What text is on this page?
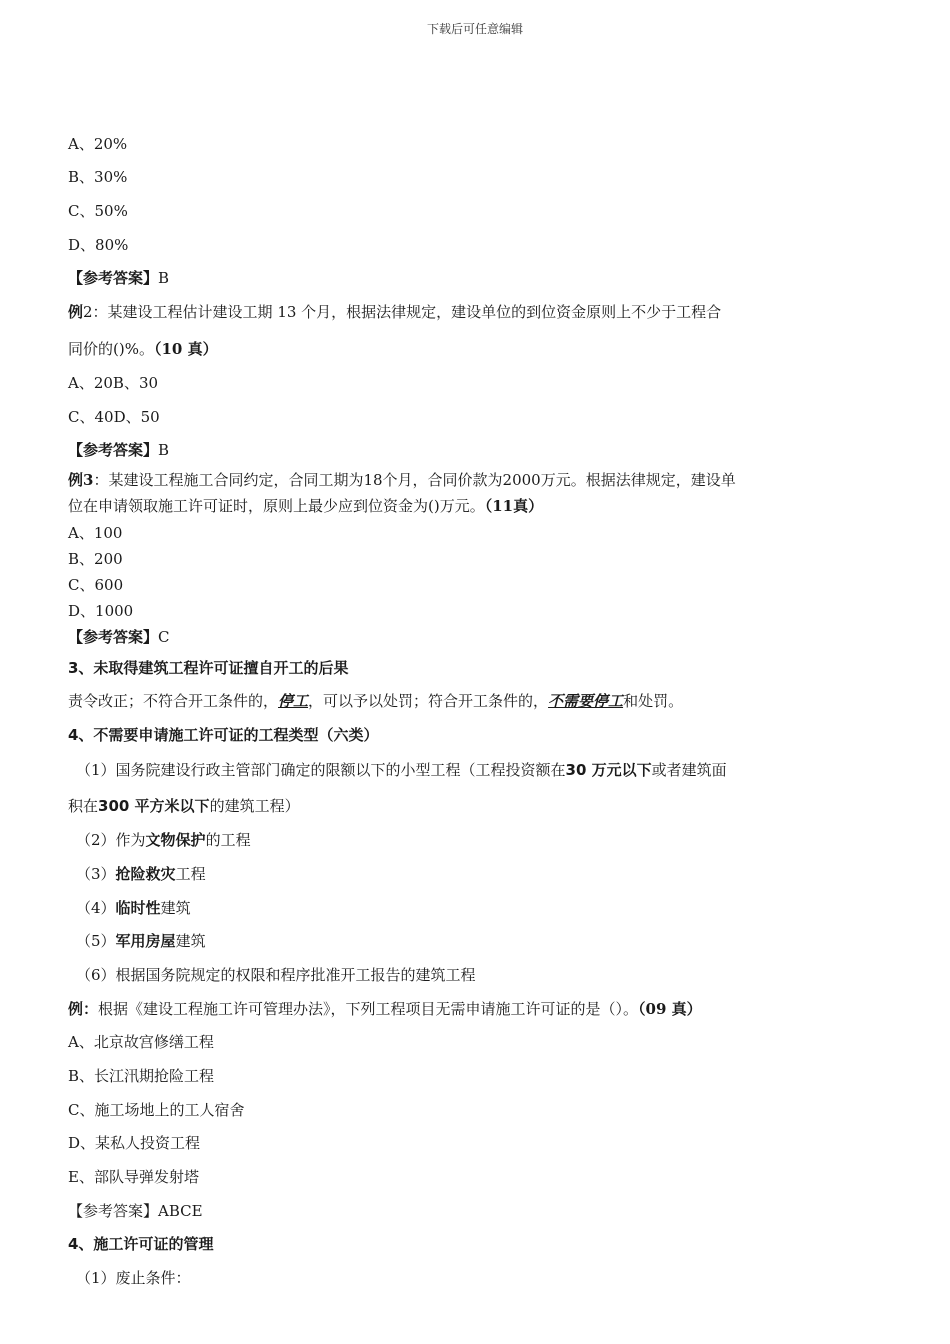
下载后可任意编辑
A、20%
B、30%
C、50%
D、80%
【参考答案】B
例2：某建设工程估计建设工期 13 个月，根据法律规定，建设单位的到位资金原则上不少于工程合
同价的()%。（10 真）
A、20B、30
C、40D、50
【参考答案】B
例3：某建设工程施工合同约定，合同工期为18个月，合同价款为2000万元。根据法律规定，建设单
位在申请领取施工许可证时，原则上最少应到位资金为()万元。（11真）
A、100
B、200
C、600
D、1000
【参考答案】C
3、未取得建筑工程许可证擅自开工的后果
责令改正；不符合开工条件的，停工，可以予以处罚；符合开工条件的，不需要停工和处罚。
4、不需要申请施工许可证的工程类型（六类）
（1）国务院建设行政主管部门确定的限额以下的小型工程（工程投资额在30 万元以下或者建筑面
积在300 平方米以下的建筑工程）
（2）作为文物保护的工程
（3）抢险救灾工程
（4）临时性建筑
（5）军用房屋建筑
（6）根据国务院规定的权限和程序批准开工报告的建筑工程
例：根据《建设工程施工许可管理办法》，下列工程项目无需申请施工许可证的是（）。（09 真）
A、北京故宫修缮工程
B、长江汛期抢险工程
C、施工场地上的工人宿舍
D、某私人投资工程
E、部队导弹发射塔
【参考答案】ABCE
4、施工许可证的管理
（1）废止条件：
